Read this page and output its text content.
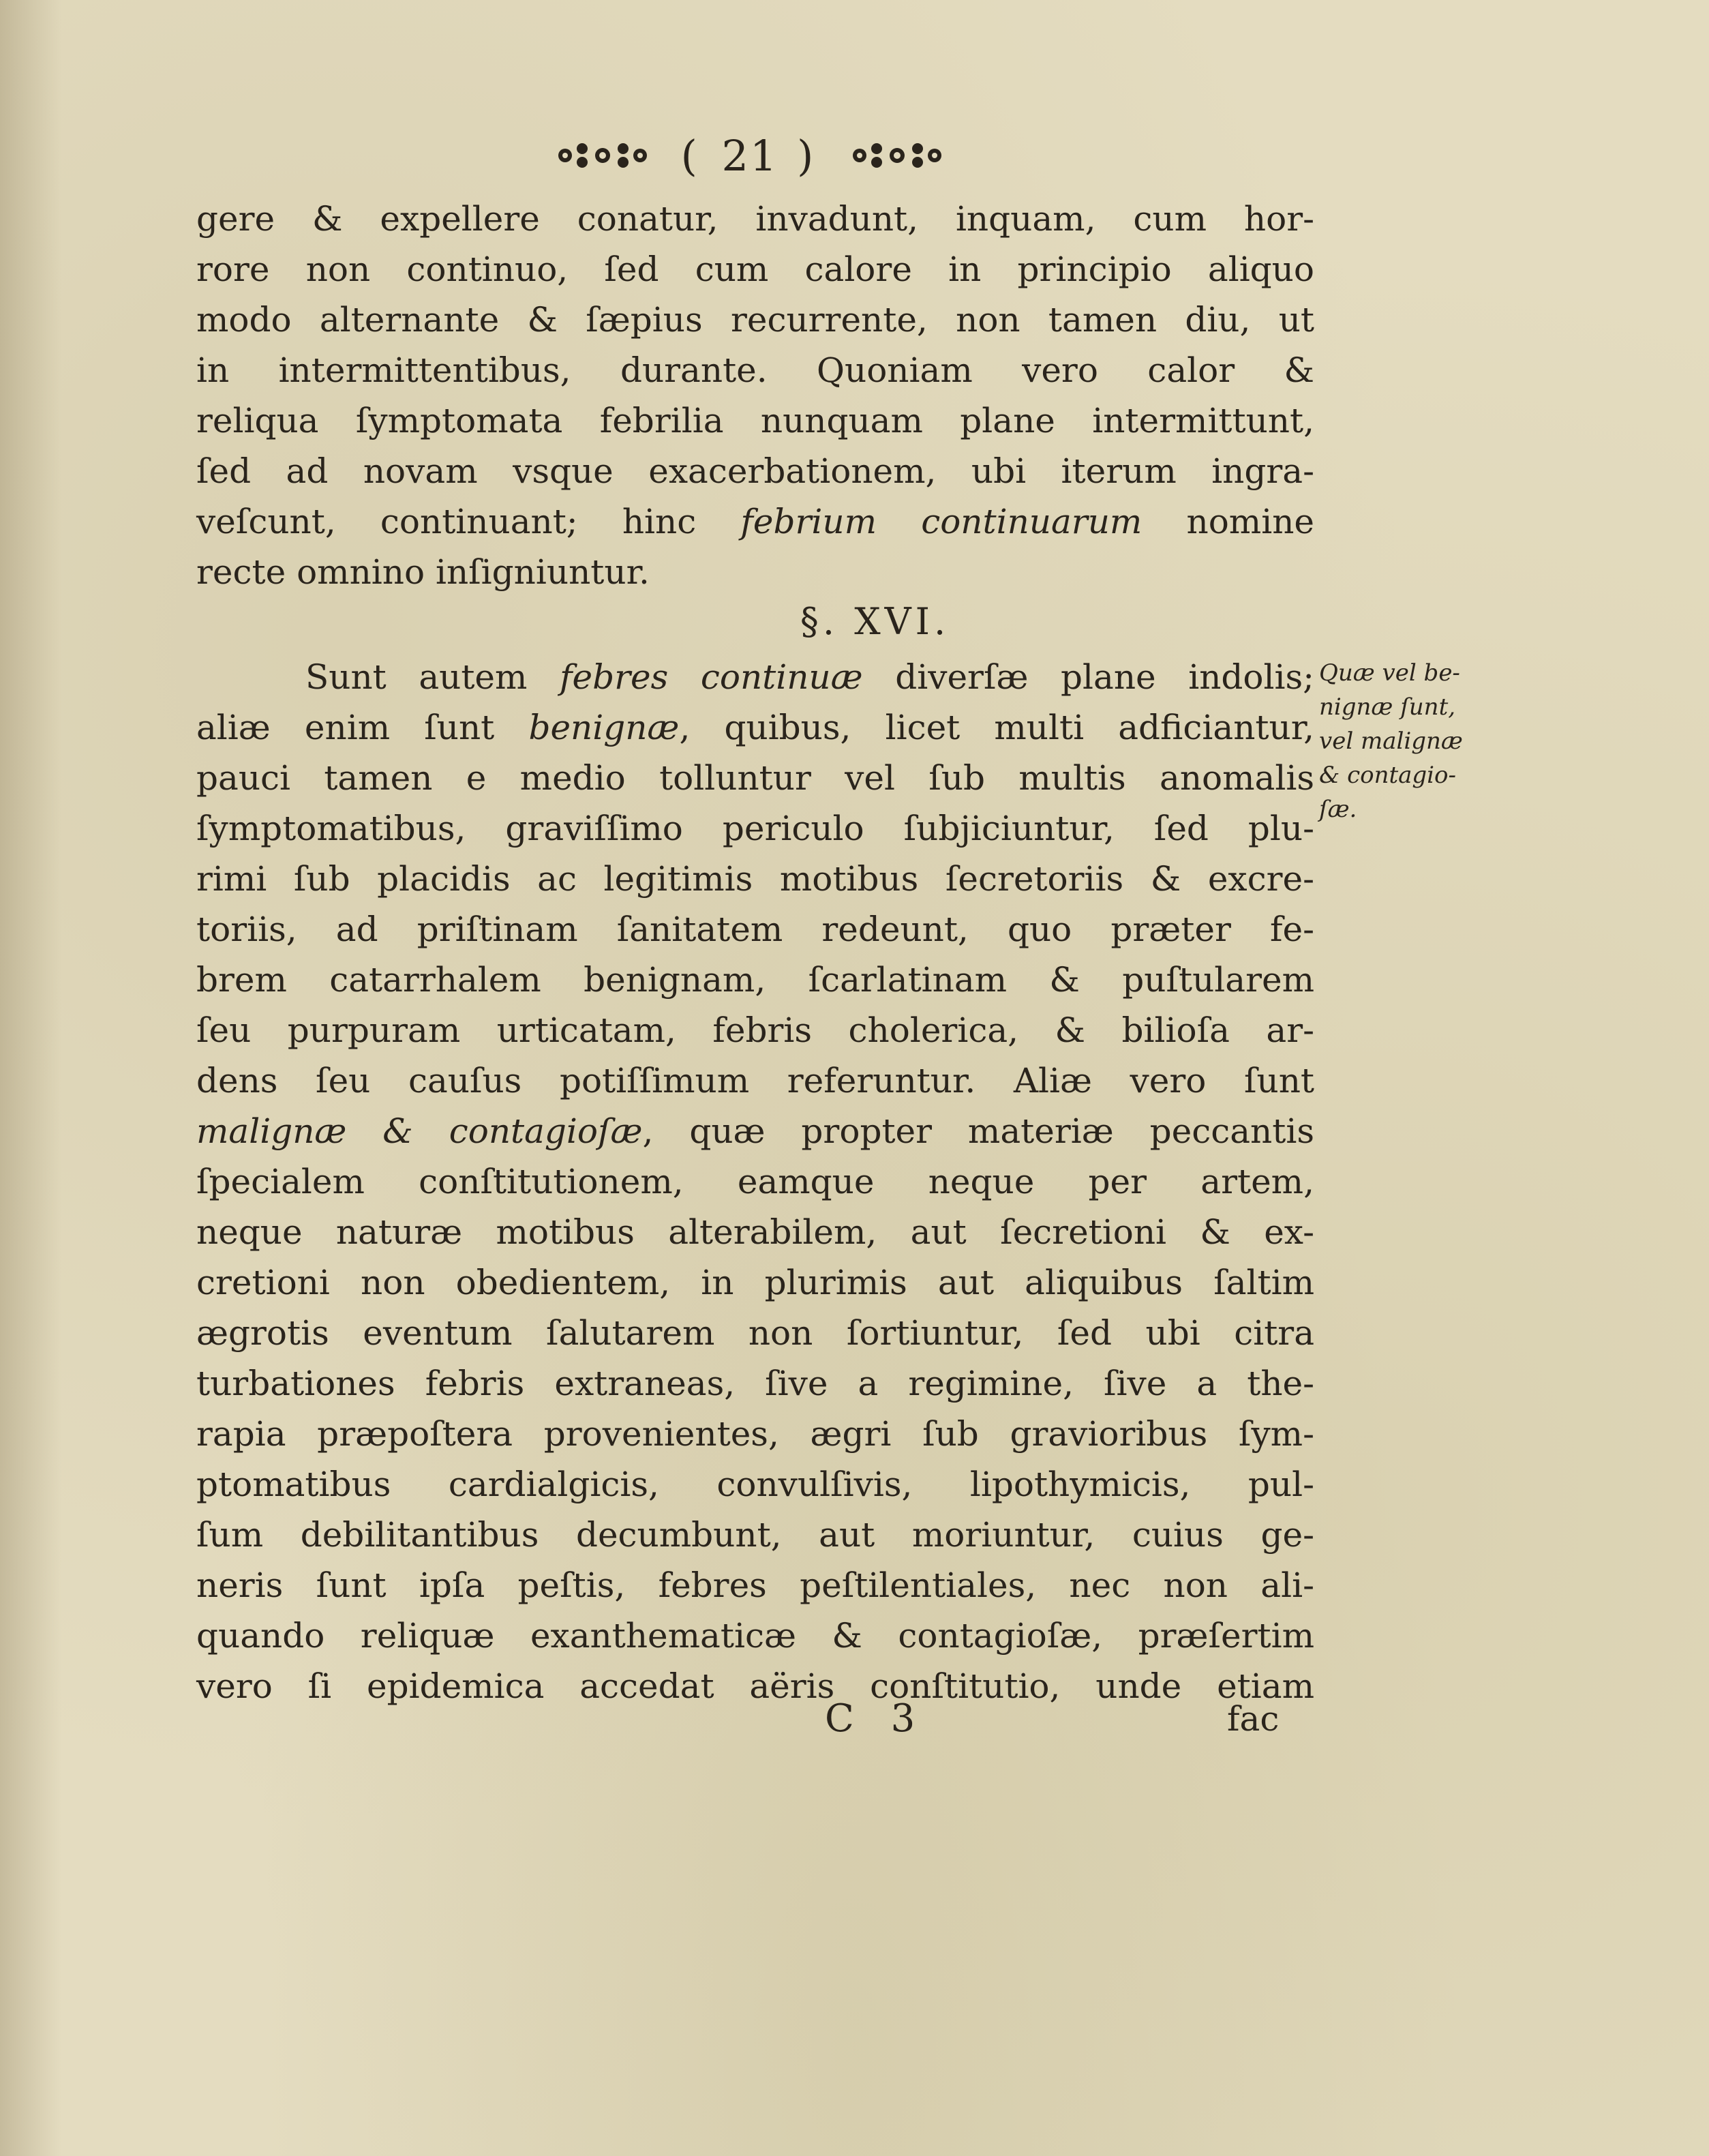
( 21 )
gere & expellere conatur, invadunt, inquam, cum hor-
rore non continuo, ſed cum calore in principio aliquo
modo alternante & ſæpius recurrente, non tamen diu, ut
in intermittentibus, durante. Quoniam vero calor &
reliqua ſymptomata febrilia nunquam plane intermittunt,
ſed ad novam vsque exacerbationem, ubi iterum ingra-
veſcunt, continuant; hinc febrium continuarum nomine
recte omnino inſigniuntur.
§. XVI.
Sunt autem febres continuæ diverſæ plane indolis;
aliæ enim ſunt benignæ, quibus, licet multi adficiantur,
pauci tamen e medio tolluntur vel ſub multis anomalis
ſymptomatibus, graviſſimo periculo ſubjiciuntur, ſed plu-
rimi ſub placidis ac legitimis motibus ſecretoriis & excre-
toriis, ad priſtinam ſanitatem redeunt, quo præter fe-
brem catarrhalem benignam, ſcarlatinam & puſtularem
ſeu purpuram urticatam, febris cholerica, & bilioſa ar-
dens ſeu cauſus potiſſimum referuntur. Aliæ vero ſunt
malignæ & contagioſæ, quæ propter materiæ peccantis
ſpecialem conſtitutionem, eamque neque per artem,
neque naturæ motibus alterabilem, aut ſecretioni & ex-
cretioni non obedientem, in plurimis aut aliquibus ſaltim
ægrotis eventum ſalutarem non ſortiuntur, ſed ubi citra
turbationes febris extraneas, ſive a regimine, ſive a the-
rapia præpoſtera provenientes, ægri ſub gravioribus ſym-
ptomatibus cardialgicis, convulſivis, lipothymicis, pul-
ſum debilitantibus decumbunt, aut moriuntur, cuius ge-
neris ſunt ipſa peſtis, febres peſtilentiales, nec non ali-
quando reliquæ exanthematicæ & contagioſæ, præſertim
vero ſi epidemica accedat aëris conſtitutio, unde etiam
Quæ vel be-
nignæ ſunt,
vel malignæ
& contagio-
ſæ.
C 3	fac
